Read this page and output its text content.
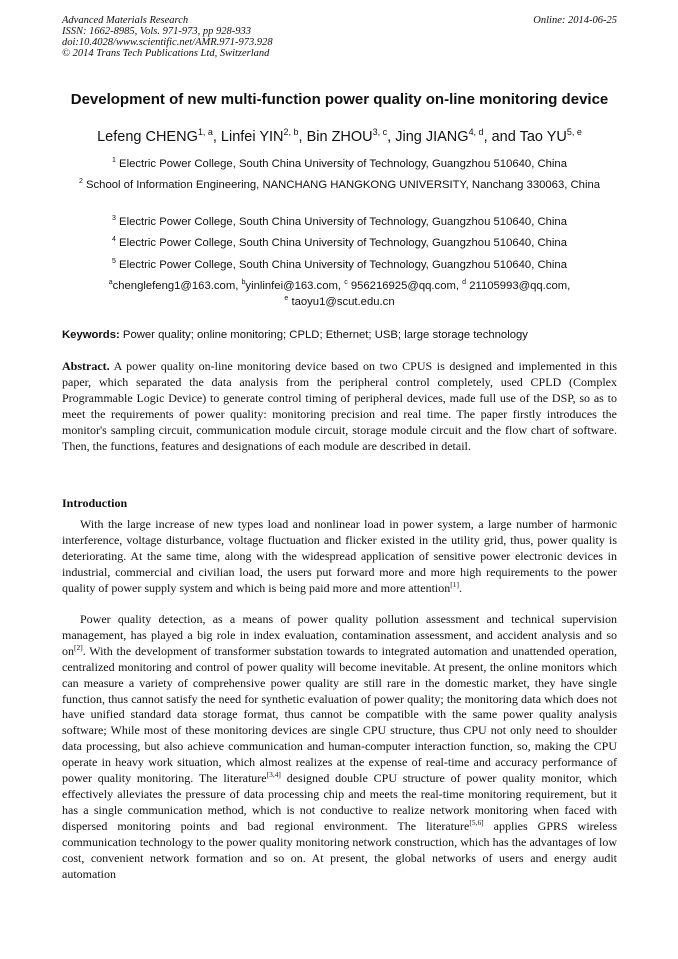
Advanced Materials Research
ISSN: 1662-8985, Vols. 971-973, pp 928-933
doi:10.4028/www.scientific.net/AMR.971-973.928
© 2014 Trans Tech Publications Ltd, Switzerland
Online: 2014-06-25
Development of new multi-function power quality on-line monitoring device
Lefeng CHENG$^{1, a}$, Linfei YIN$^{2, b}$, Bin ZHOU$^{3, c}$, Jing JIANG$^{4, d}$, and Tao YU$^{5, e}$
$^1$ Electric Power College, South China University of Technology, Guangzhou 510640, China
$^2$ School of Information Engineering, NANCHANG HANGKONG UNIVERSITY, Nanchang 330063, China
$^3$ Electric Power College, South China University of Technology, Guangzhou 510640, China
$^4$ Electric Power College, South China University of Technology, Guangzhou 510640, China
$^5$ Electric Power College, South China University of Technology, Guangzhou 510640, China
$^a$chenglefeng1@163.com, $^b$yinlinfei@163.com, $^c$ 956216925@qq.com, $^d$ 21105993@qq.com,
$^e$ taoyu1@scut.edu.cn
Keywords: Power quality; online monitoring; CPLD; Ethernet; USB; large storage technology
Abstract. A power quality on-line monitoring device based on two CPUS is designed and implemented in this paper, which separated the data analysis from the peripheral control completely, used CPLD (Complex Programmable Logic Device) to generate control timing of peripheral devices, made full use of the DSP, so as to meet the requirements of power quality: monitoring precision and real time. The paper firstly introduces the monitor's sampling circuit, communication module circuit, storage module circuit and the flow chart of software. Then, the functions, features and designations of each module are described in detail.
Introduction
With the large increase of new types load and nonlinear load in power system, a large number of harmonic interference, voltage disturbance, voltage fluctuation and flicker existed in the utility grid, thus, power quality is deteriorating. At the same time, along with the widespread application of sensitive power electronic devices in industrial, commercial and civilian load, the users put forward more and more high requirements to the power quality of power supply system and which is being paid more and more attention[1].
Power quality detection, as a means of power quality pollution assessment and technical supervision management, has played a big role in index evaluation, contamination assessment, and accident analysis and so on[2]. With the development of transformer substation towards to integrated automation and unattended operation, centralized monitoring and control of power quality will become inevitable. At present, the online monitors which can measure a variety of comprehensive power quality are still rare in the domestic market, they have single function, thus cannot satisfy the need for synthetic evaluation of power quality; the monitoring data which does not have unified standard data storage format, thus cannot be compatible with the same power quality analysis software; While most of these monitoring devices are single CPU structure, thus CPU not only need to shoulder data processing, but also achieve communication and human-computer interaction function, so, making the CPU operate in heavy work situation, which almost realizes at the expense of real-time and accuracy performance of power quality monitoring. The literature[3,4] designed double CPU structure of power quality monitor, which effectively alleviates the pressure of data processing chip and meets the real-time monitoring requirement, but it has a single communication method, which is not conductive to realize network monitoring when faced with dispersed monitoring points and bad regional environment. The literature[5,6] applies GPRS wireless communication technology to the power quality monitoring network construction, which has the advantages of low cost, convenient network formation and so on. At present, the global networks of users and energy audit automation
